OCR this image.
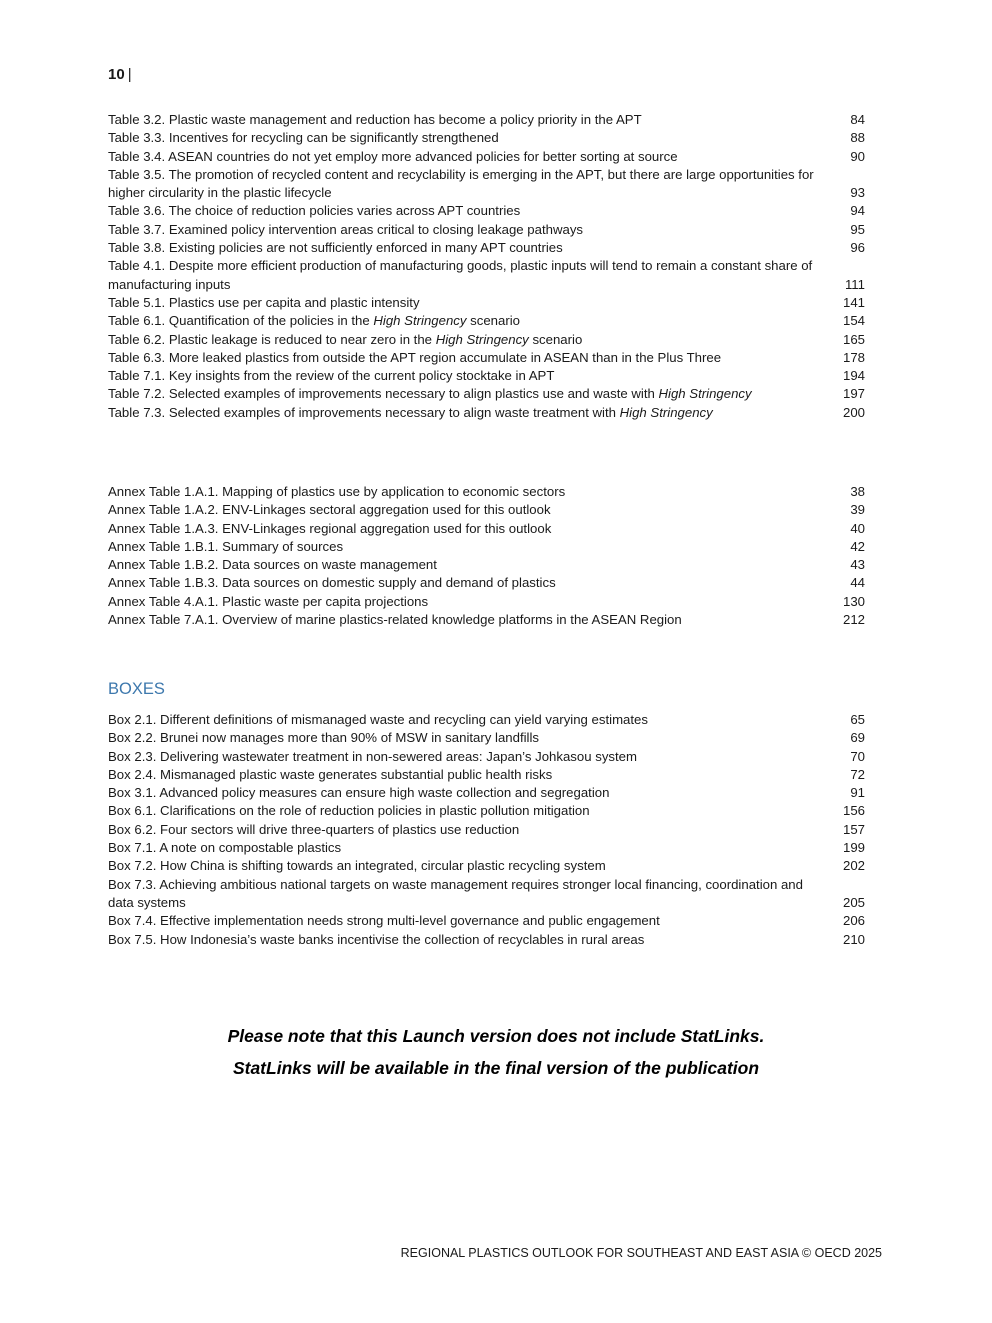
10 |
Table 3.2. Plastic waste management and reduction has become a policy priority in the APT	84
Table 3.3. Incentives for recycling can be significantly strengthened	88
Table 3.4. ASEAN countries do not yet employ more advanced policies for better sorting at source	90
Table 3.5. The promotion of recycled content and recyclability is emerging in the APT, but there are large opportunities for higher circularity in the plastic lifecycle	93
Table 3.6. The choice of reduction policies varies across APT countries	94
Table 3.7. Examined policy intervention areas critical to closing leakage pathways	95
Table 3.8. Existing policies are not sufficiently enforced in many APT countries	96
Table 4.1. Despite more efficient production of manufacturing goods, plastic inputs will tend to remain a constant share of manufacturing inputs	111
Table 5.1. Plastics use per capita and plastic intensity	141
Table 6.1. Quantification of the policies in the High Stringency scenario	154
Table 6.2. Plastic leakage is reduced to near zero in the High Stringency scenario	165
Table 6.3. More leaked plastics from outside the APT region accumulate in ASEAN than in the Plus Three	178
Table 7.1. Key insights from the review of the current policy stocktake in APT	194
Table 7.2. Selected examples of improvements necessary to align plastics use and waste with High Stringency	197
Table 7.3. Selected examples of improvements necessary to align waste treatment with High Stringency	200
Annex Table 1.A.1. Mapping of plastics use by application to economic sectors	38
Annex Table 1.A.2. ENV-Linkages sectoral aggregation used for this outlook	39
Annex Table 1.A.3. ENV-Linkages regional aggregation used for this outlook	40
Annex Table 1.B.1. Summary of sources	42
Annex Table 1.B.2. Data sources on waste management	43
Annex Table 1.B.3. Data sources on domestic supply and demand of plastics	44
Annex Table 4.A.1. Plastic waste per capita projections	130
Annex Table 7.A.1. Overview of marine plastics-related knowledge platforms in the ASEAN Region	212
BOXES
Box 2.1. Different definitions of mismanaged waste and recycling can yield varying estimates	65
Box 2.2. Brunei now manages more than 90% of MSW in sanitary landfills	69
Box 2.3. Delivering wastewater treatment in non-sewered areas: Japan’s Johkasou system	70
Box 2.4. Mismanaged plastic waste generates substantial public health risks	72
Box 3.1. Advanced policy measures can ensure high waste collection and segregation	91
Box 6.1. Clarifications on the role of reduction policies in plastic pollution mitigation	156
Box 6.2. Four sectors will drive three-quarters of plastics use reduction	157
Box 7.1. A note on compostable plastics	199
Box 7.2. How China is shifting towards an integrated, circular plastic recycling system	202
Box 7.3. Achieving ambitious national targets on waste management requires stronger local financing, coordination and data systems	205
Box 7.4. Effective implementation needs strong multi-level governance and public engagement	206
Box 7.5. How Indonesia’s waste banks incentivise the collection of recyclables in rural areas	210
Please note that this Launch version does not include StatLinks.
StatLinks will be available in the final version of the publication
REGIONAL PLASTICS OUTLOOK FOR SOUTHEAST AND EAST ASIA © OECD 2025
